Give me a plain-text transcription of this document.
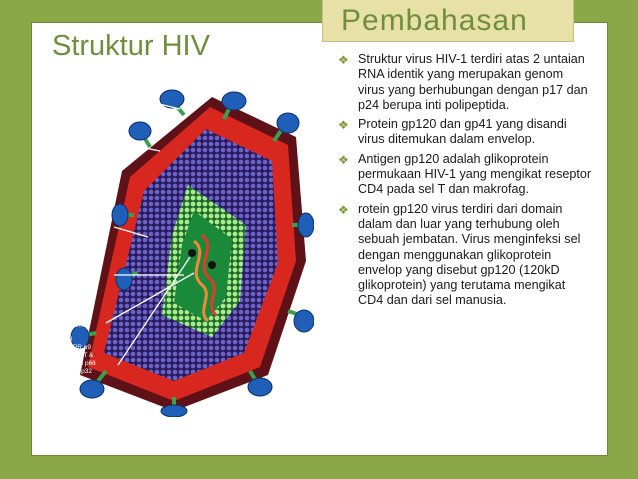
Pembahasan
Struktur HIV
env
Surface Glycoprotein SU
gp120
env
Transmembrane
Glycoprotein TM
gp41
gag
Membrane Associated
(Matrix) Protein MA
p17
gag
Capsid CA
(Core Shell)
p24
RNA
(2 molecules)
pol
Protease PR p9
Polymerase RT &
RNAse H RNH p66
Integrase IN p32
❖ Struktur virus HIV-1 terdiri atas 2 untaian RNA identik yang merupakan genom virus yang berhubungan dengan p17 dan p24 berupa inti polipeptida.
❖ Protein gp120 dan gp41 yang disandi virus ditemukan dalam envelop.
❖ Antigen gp120 adalah glikoprotein permukaan HIV-1 yang mengikat reseptor CD4 pada sel T dan makrofag.
❖ rotein gp120 virus terdiri dari domain dalam dan luar yang terhubung oleh sebuah jembatan. Virus menginfeksi sel dengan menggunakan glikoprotein envelop yang disebut gp120 (120kD glikoprotein) yang terutama mengikat CD4 dan dari sel manusia.
